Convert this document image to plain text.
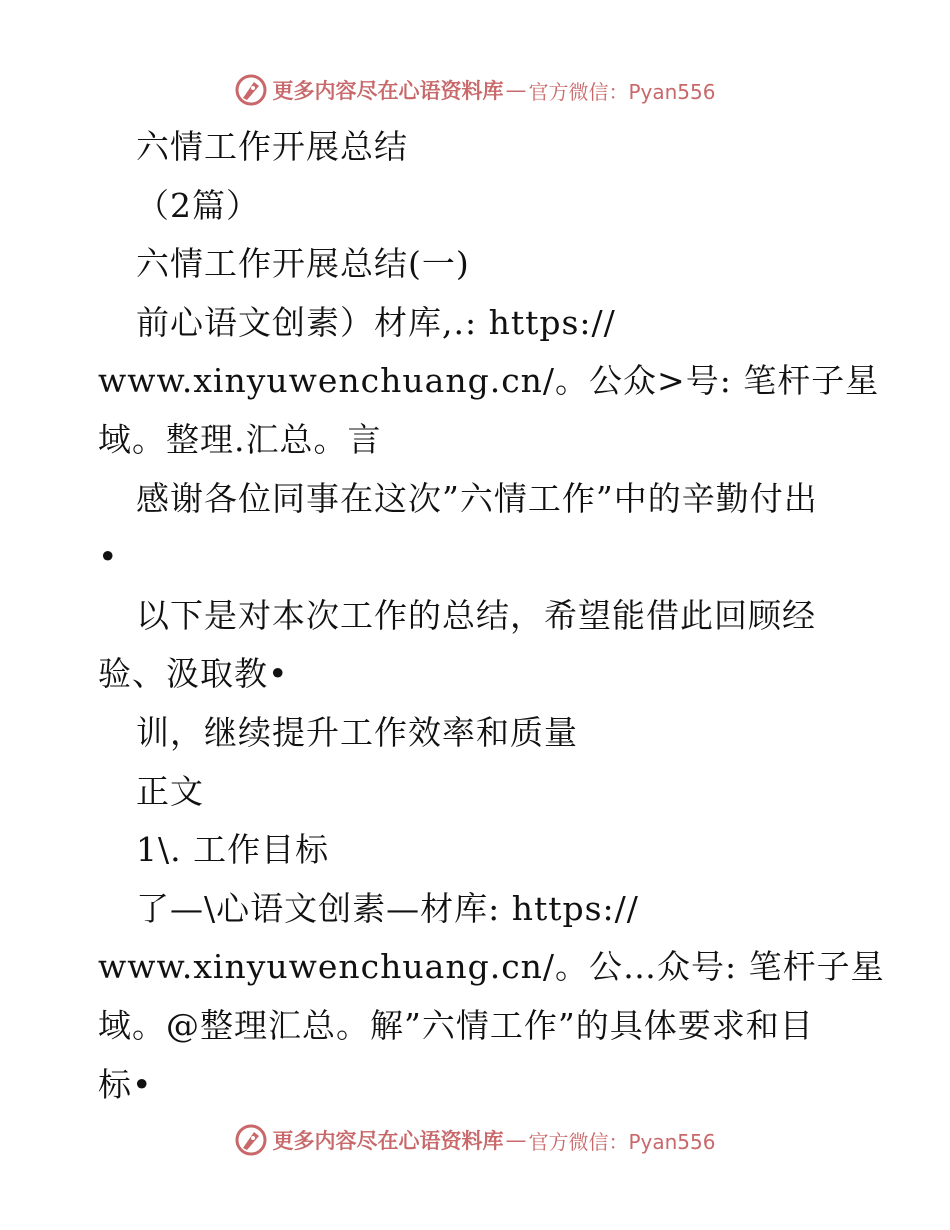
更多内容尽在心语资料库 — 官方微信：Pyan556
六情工作开展总结
（2篇）
六情工作开展总结(一)
前心语文创素）材库,.: https://
www.xinyuwenchuang.cn/。公众>号: 笔杆子星
域。整理.汇总。言
感谢各位同事在这次”六情工作”中的辛勤付出
•
以下是对本次工作的总结，希望能借此回顾经
验、汲取教•
训，继续提升工作效率和质量
正文
1\. 工作目标
了—\心语文创素—材库: https://
www.xinyuwenchuang.cn/。公…众号: 笔杆子星
域。@整理汇总。解”六情工作”的具体要求和目
标•
更多内容尽在心语资料库 — 官方微信：Pyan556
